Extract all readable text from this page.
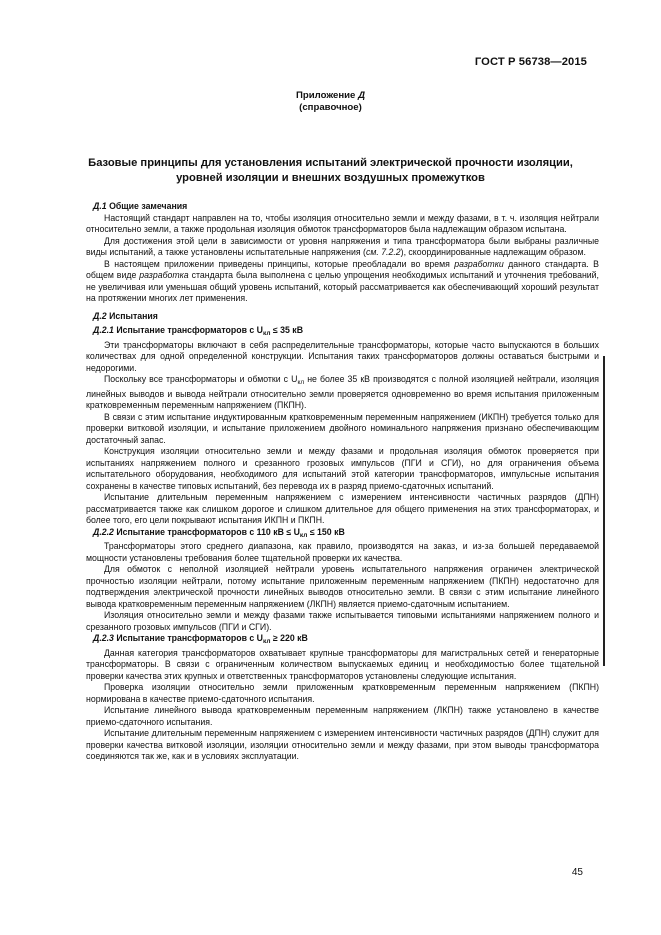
ГОСТ Р 56738—2015
Приложение Д
(справочное)
Базовые принципы для установления испытаний электрической прочности изоляции,
уровней изоляции и внешних воздушных промежутков

Д.1 Общие замечания

Настоящий стандарт направлен на то, чтобы изоляция относительно земли и между фазами, в т. ч. изоляция нейтрали относительно земли, а также продольная изоляция обмоток трансформаторов была надлежащим образом испытана.

Для достижения этой цели в зависимости от уровня напряжения и типа трансформатора были выбраны различные виды испытаний, а также установлены испытательные напряжения (см. 7.2.2), скоординированные надлежащим образом.

В настоящем приложении приведены принципы, которые преобладали во время разработки данного стандарта. В общем виде разработка стандарта была выполнена с целью упрощения необходимых испытаний и уточнения требований, не увеличивая или уменьшая общий уровень испытаний, который рассматривается как обеспечивающий хороший результат на протяжении многих лет применения.

Д.2 Испытания

Д.2.1 Испытание трансформаторов с $U_{кл} \le 35$ кВ

Эти трансформаторы включают в себя распределительные трансформаторы, которые часто выпускаются в больших количествах для одной определенной конструкции. Испытания таких трансформаторов должны оставаться быстрыми и недорогими.

Поскольку все трансформаторы и обмотки с $U_{кл}$ не более 35 кВ производятся с полной изоляцией нейтрали, изоляция линейных выводов и вывода нейтрали относительно земли проверяется одновременно во время испытания приложенным кратковременным переменным напряжением (ПКПН).

В связи с этим испытание индуктированным кратковременным переменным напряжением (ИКПН) требуется только для проверки витковой изоляции, и испытание приложением двойного номинального напряжения признано обеспечивающим достаточный запас.

Конструкция изоляции относительно земли и между фазами и продольная изоляция обмоток проверяется при испытаниях напряжением полного и срезанного грозовых импульсов (ПГИ и СГИ), но для ограничения объема испытательного оборудования, необходимого для испытаний этой категории трансформаторов, импульсные испытания сохранены в качестве типовых испытаний, без перевода их в разряд приемо-сдаточных испытаний.

Испытание длительным переменным напряжением с измерением интенсивности частичных разрядов (ДПН) рассматривается также как слишком дорогое и слишком длительное для общего применения на этих трансформаторах, и более того, его цели покрывают испытания ИКПН и ПКПН.

Д.2.2 Испытание трансформаторов с 110 кВ ≤ $U_{кл} \le 150$ кВ

Трансформаторы этого среднего диапазона, как правило, производятся на заказ, и из-за большей передаваемой мощности установлены требования более тщательной проверки их качества.

Для обмоток с неполной изоляцией нейтрали уровень испытательного напряжения ограничен электрической прочностью изоляции нейтрали, потому испытание приложенным переменным напряжением (ПКПН) недостаточно для подтверждения электрической прочности линейных выводов относительно земли. В связи с этим испытание линейного вывода кратковременным переменным напряжением (ЛКПН) является приемо-сдаточным испытанием.

Изоляция относительно земли и между фазами также испытывается типовыми испытаниями напряжением полного и срезанного грозовых импульсов (ПГИ и СГИ).

Д.2.3 Испытание трансформаторов с $U_{кл} \ge 220$ кВ

Данная категория трансформаторов охватывает крупные трансформаторы для магистральных сетей и генераторные трансформаторы. В связи с ограниченным количеством выпускаемых единиц и необходимостью более тщательной проверки качества этих крупных и ответственных трансформаторов установлены следующие испытания.

Проверка изоляции относительно земли приложенным кратковременным переменным напряжением (ПКПН) нормирована в качестве приемо-сдаточного испытания.

Испытание линейного вывода кратковременным переменным напряжением (ЛКПН) также установлено в качестве приемо-сдаточного испытания.

Испытание длительным переменным напряжением с измерением интенсивности частичных разрядов (ДПН) служит для проверки качества витковой изоляции, изоляции относительно земли и между фазами, при этом выводы трансформатора соединяются так же, как и в условиях эксплуатации.

45
